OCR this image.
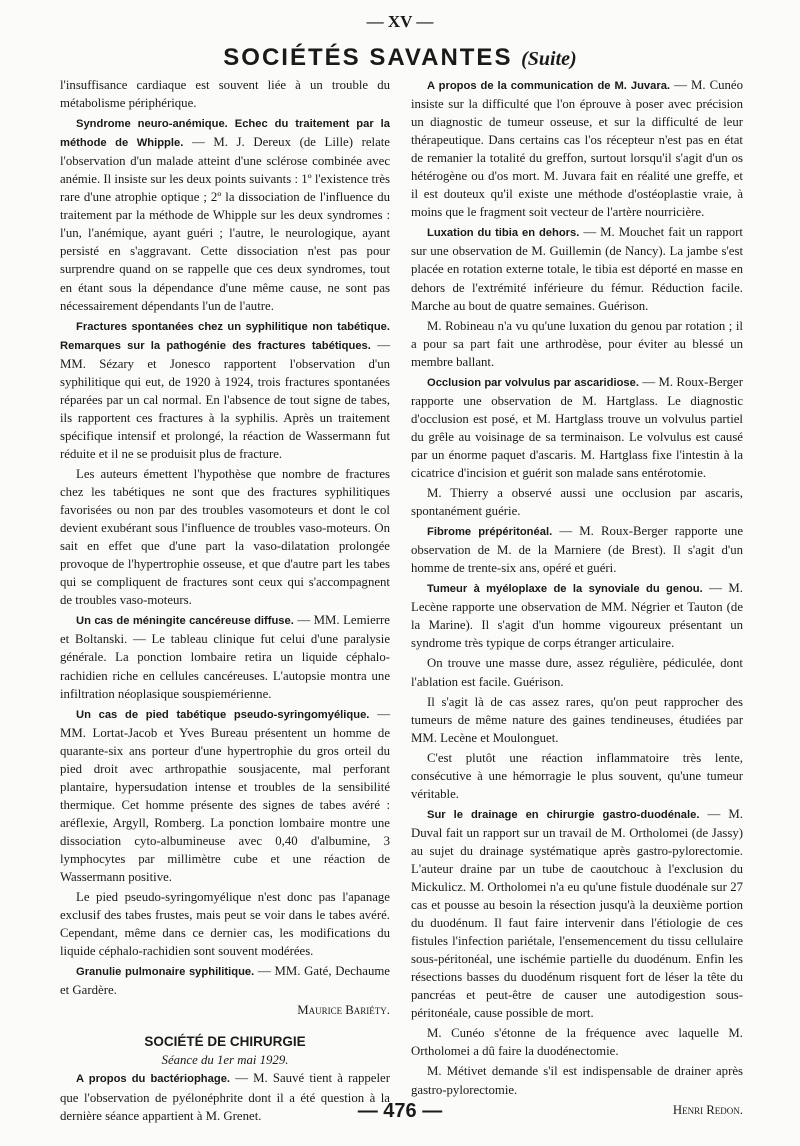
— XV —
SOCIÉTÉS SAVANTES (Suite)

l'insuffisance cardiaque est souvent liée à un trouble du métabolisme périphérique.

Syndrome neuro-anémique. Echec du traitement par la méthode de Whipple. — M. J. Dereux (de Lille) relate l'observation d'un malade atteint d'une sclérose combinée avec anémie. Il insiste sur les deux points suivants : 1º l'existence très rare d'une atrophie optique ; 2º la dissociation de l'influence du traitement par la méthode de Whipple sur les deux syndromes : l'un, l'anémique, ayant guéri ; l'autre, le neurologique, ayant persisté en s'aggravant. Cette dissociation n'est pas pour surprendre quand on se rappelle que ces deux syndromes, tout en étant sous la dépendance d'une même cause, ne sont pas nécessairement dépendants l'un de l'autre.

Fractures spontanées chez un syphilitique non tabétique. Remarques sur la pathogénie des fractures tabétiques. — MM. Sézary et Jonesco rapportent l'observation d'un syphilitique qui eut, de 1920 à 1924, trois fractures spontanées réparées par un cal normal. En l'absence de tout signe de tabes, ils rapportent ces fractures à la syphilis. Après un traitement spécifique intensif et prolongé, la réaction de Wassermann fut réduite et il ne se produisit plus de fracture.

Les auteurs émettent l'hypothèse que nombre de fractures chez les tabétiques ne sont que des fractures syphilitiques favorisées ou non par des troubles vasomoteurs et dont le col devient exubérant sous l'influence de troubles vaso-moteurs. On sait en effet que d'une part la vaso-dilatation prolongée provoque de l'hypertrophie osseuse, et que d'autre part les tabes qui se compliquent de fractures sont ceux qui s'accompagnent de troubles vaso-moteurs.

Un cas de méningite cancéreuse diffuse. — MM. Lemierre et Boltanski. — Le tableau clinique fut celui d'une paralysie générale. La ponction lombaire retira un liquide céphalo-rachidien riche en cellules cancéreuses. L'autopsie montra une infiltration néoplasique souspiemérienne.

Un cas de pied tabétique pseudo-syringomyélique. — MM. Lortat-Jacob et Yves Bureau présentent un homme de quarante-six ans porteur d'une hypertrophie du gros orteil du pied droit avec arthropathie sousjacente, mal perforant plantaire, hypersudation intense et troubles de la sensibilité thermique. Cet homme présente des signes de tabes avéré : aréflexie, Argyll, Romberg. La ponction lombaire montre une dissociation cyto-albumineuse avec 0,40 d'albumine, 3 lymphocytes par millimètre cube et une réaction de Wassermann positive.

Le pied pseudo-syringomyélique n'est donc pas l'apanage exclusif des tabes frustes, mais peut se voir dans le tabes avéré. Cependant, même dans ce dernier cas, les modifications du liquide céphalo-rachidien sont souvent modérées.

Granulie pulmonaire syphilitique. — MM. Gaté, Dechaume et Gardère.

Maurice Bariéty.

SOCIÉTÉ DE CHIRURGIE
Séance du 1er mai 1929.

A propos du bactériophage. — M. Sauvé tient à rappeler que l'observation de pyélonéphrite dont il a été question à la dernière séance appartient à M. Grenet.

A propos de la communication de M. Juvara. — M. Cunéo insiste sur la difficulté que l'on éprouve à poser avec précision un diagnostic de tumeur osseuse, et sur la difficulté de leur thérapeutique. Dans certains cas l'os récepteur n'est pas en état de remanier la totalité du greffon, surtout lorsqu'il s'agit d'un os hétérogène ou d'os mort. M. Juvara fait en réalité une greffe, et il est douteux qu'il existe une méthode d'ostéoplastie vraie, à moins que le fragment soit vecteur de l'artère nourricière.

Luxation du tibia en dehors. — M. Mouchet fait un rapport sur une observation de M. Guillemin (de Nancy). La jambe s'est placée en rotation externe totale, le tibia est déporté en masse en dehors de l'extrémité inférieure du fémur. Réduction facile. Marche au bout de quatre semaines. Guérison.

M. Robineau n'a vu qu'une luxation du genou par rotation ; il a pour sa part fait une arthrodèse, pour éviter au blessé un membre ballant.

Occlusion par volvulus par ascaridiose. — M. Roux-Berger rapporte une observation de M. Hartglass. Le diagnostic d'occlusion est posé, et M. Hartglass trouve un volvulus partiel du grêle au voisinage de sa terminaison. Le volvulus est causé par un énorme paquet d'ascaris. M. Hartglass fixe l'intestin à la cicatrice d'incision et guérit son malade sans entérotomie.

M. Thierry a observé aussi une occlusion par ascaris, spontanément guérie.

Fibrome prépéritonéal. — M. Roux-Berger rapporte une observation de M. de la Marniere (de Brest). Il s'agit d'un homme de trente-six ans, opéré et guéri.

Tumeur à myéloplaxe de la synoviale du genou. — M. Lecène rapporte une observation de MM. Négrier et Tauton (de la Marine). Il s'agit d'un homme vigoureux présentant un syndrome très typique de corps étranger articulaire.

On trouve une masse dure, assez régulière, pédiculée, dont l'ablation est facile. Guérison.

Il s'agit là de cas assez rares, qu'on peut rapprocher des tumeurs de même nature des gaines tendineuses, étudiées par MM. Lecène et Moulonguet.

C'est plutôt une réaction inflammatoire très lente, consécutive à une hémorragie le plus souvent, qu'une tumeur véritable.

Sur le drainage en chirurgie gastro-duodénale. — M. Duval fait un rapport sur un travail de M. Ortholomei (de Jassy) au sujet du drainage systématique après gastro-pylorectomie. L'auteur draine par un tube de caoutchouc à l'exclusion du Mickulicz. M. Ortholomei n'a eu qu'une fistule duodénale sur 27 cas et pousse au besoin la résection jusqu'à la deuxième portion du duodénum. Il faut faire intervenir dans l'étiologie de ces fistules l'infection pariétale, l'ensemencement du tissu cellulaire sous-péritonéal, une ischémie partielle du duodénum. Enfin les résections basses du duodénum risquent fort de léser la tête du pancréas et peut-être de causer une autodigestion sous-péritonéale, cause possible de mort.

M. Cunéo s'étonne de la fréquence avec laquelle M. Ortholomei a dû faire la duodénectomie.

M. Métivet demande s'il est indispensable de drainer après gastro-pylorectomie.

Henri Redon.

— 476 —
